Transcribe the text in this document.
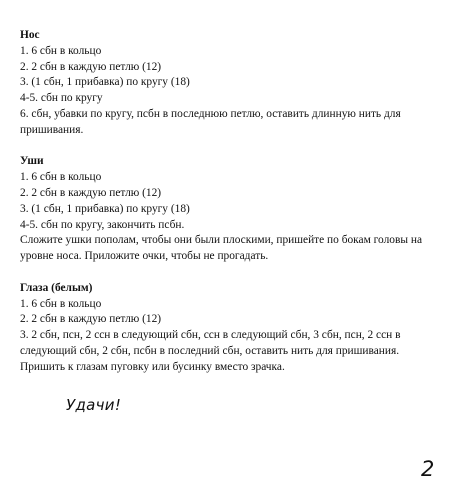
Нос

1. 6 сбн в кольцо

2. 2 сбн в каждую петлю (12)

3. (1 сбн, 1 прибавка) по кругу (18)

4-5. сбн по кругу

6. сбн, убавки по кругу, псбн в последнюю петлю, оставить длинную нить для пришивания.

Уши

1. 6 сбн в кольцо

2. 2 сбн в каждую петлю (12)

3. (1 сбн, 1 прибавка) по кругу (18)

4-5. сбн по кругу, закончить псбн.

Сложите ушки пополам, чтобы они были плоскими, пришейте по бокам головы на уровне носа. Приложите очки, чтобы не прогадать.

Глаза (белым)

1. 6 сбн в кольцо

2. 2 сбн в каждую петлю (12)

3. 2 сбн, псн, 2 ссн в следующий сбн, ссн в следующий сбн, 3 сбн, псн, 2 ссн в следующий сбн, 2 сбн, псбн в последний сбн, оставить нить для пришивания.

Пришить к глазам пуговку или бусинку вместо зрачка.

Удачи!
2
